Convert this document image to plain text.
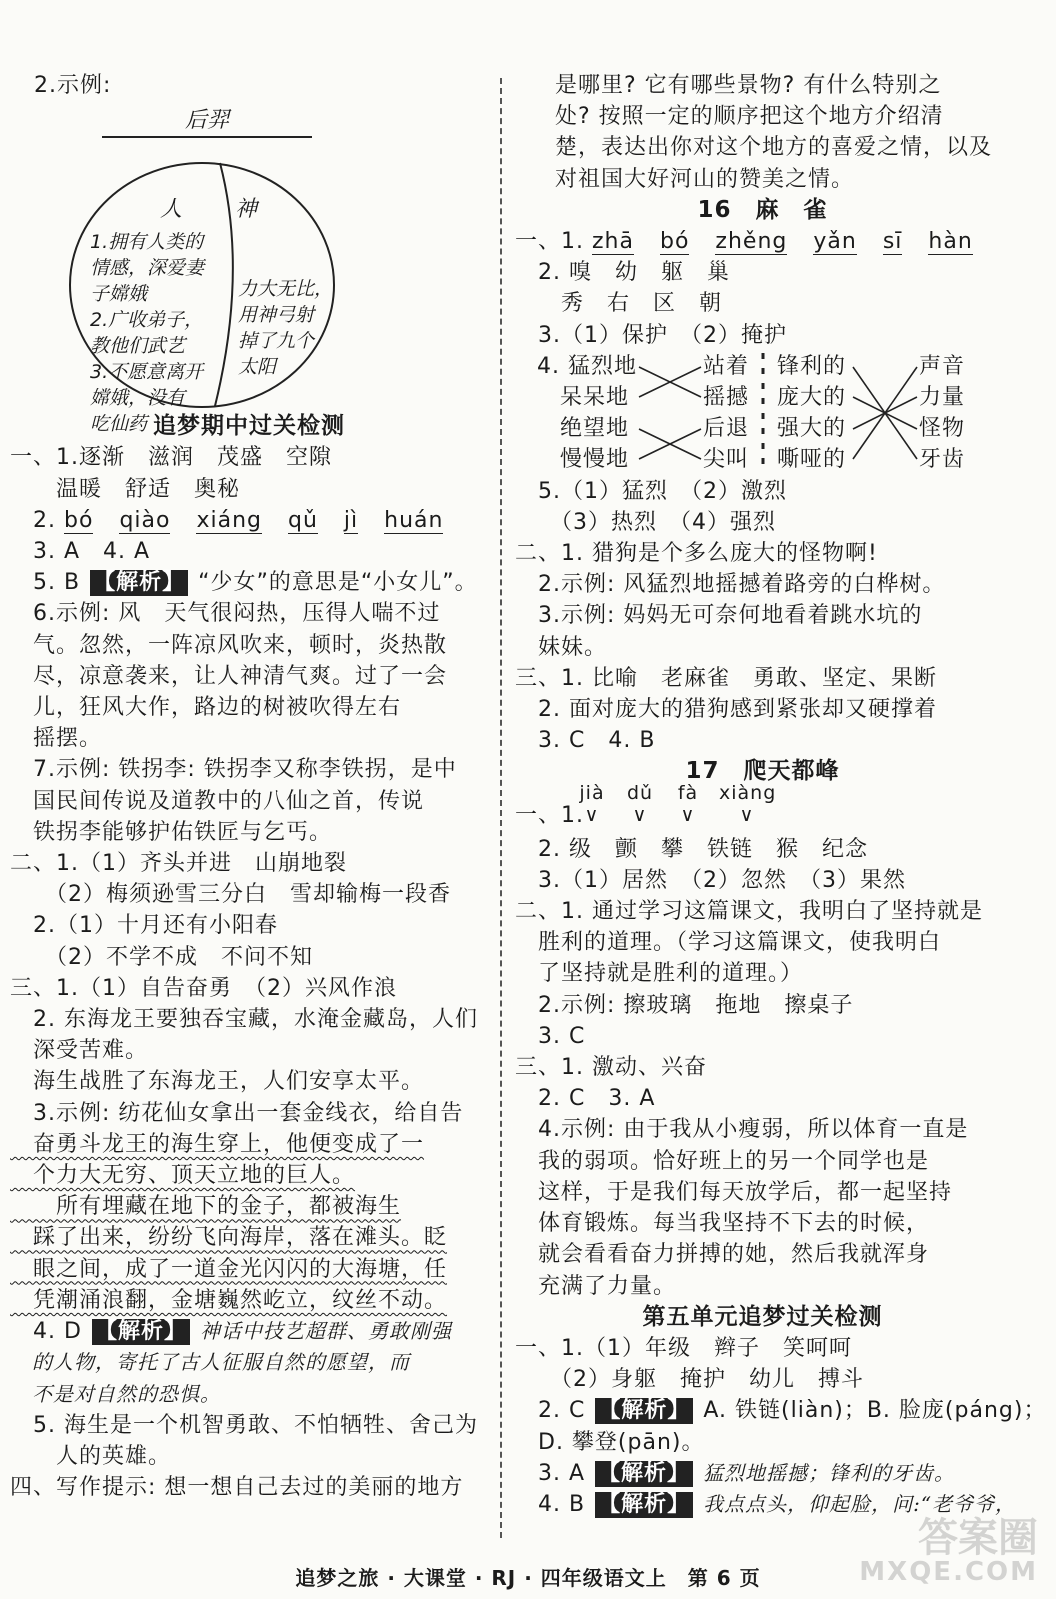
2.示例:
后羿
人 神
1.拥有人类的
情感，深爱妻
子嫦娥
2.广收弟子，
教他们武艺
3.不愿意离开
嫦娥，没有
吃仙药
力大无比，
用神弓射
掉了九个
太阳
追梦期中过关检测
一、1.逐渐　滋润　茂盛　空隙
　　温暖　舒适　奥秘
　2. bó qiào xiáng qǔ jì huán
　3. A　4. A
　5. B 【解析】 “少女”的意思是“小女儿”。
　6.示例: 风　天气很闷热，压得人喘不过
　气。忽然，一阵凉风吹来，顿时，炎热散
　尽，凉意袭来，让人神清气爽。过了一会
　儿，狂风大作，路边的树被吹得左右
　摇摆。
　7.示例: 铁拐李: 铁拐李又称李铁拐，是中
　国民间传说及道教中的八仙之首，传说
　铁拐李能够护佑铁匠与乞丐。
二、1.（1）齐头并进　山崩地裂
　　（2）梅须逊雪三分白　雪却输梅一段香
　2.（1）十月还有小阳春
　　（2）不学不成　不问不知
三、1.（1）自告奋勇　（2）兴风作浪
　2. 东海龙王要独吞宝藏，水淹金藏岛，人们
　深受苦难。
　海生战胜了东海龙王，人们安享太平。
　3.示例: 纺花仙女拿出一套金线衣，给自告
　奋勇斗龙王的海生穿上，他便变成了一
　个力大无穷、顶天立地的巨人。
　　所有埋藏在地下的金子，都被海生
　踩了出来，纷纷飞向海岸，落在滩头。眨
　眼之间，成了一道金光闪闪的大海塘，任
　凭潮涌浪翻，金塘巍然屹立，纹丝不动。
　4. D 【解析】 神话中技艺超群、勇敢刚强
的人物，寄托了古人征服自然的愿望，而
不是对自然的恐惧。
　5. 海生是一个机智勇敢、不怕牺牲、舍己为
　　人的英雄。
四、写作提示: 想一想自己去过的美丽的地方
是哪里? 它有哪些景物? 有什么特别之
处? 按照一定的顺序把这个地方介绍清
楚，表达出你对这个地方的喜爱之情，以及
对祖国大好河山的赞美之情。
16　麻　雀
一、1. zhā bó zhěng yǎn sī hàn
　2. 嗅　幼　躯　巢
　　秀　右　区　朝
　3.（1）保护　（2）掩护
4. 猛烈地
　呆呆地
　绝望地
　慢慢地
站着
摇撼
后退
尖叫
锋利的
庞大的
强大的
嘶哑的
声音
力量
怪物
牙齿
　5.（1）猛烈　（2）激烈
　　（3）热烈　（4）强烈
二、1. 猎狗是个多么庞大的怪物啊!
　2.示例: 风猛烈地摇撼着路旁的白桦树。
　3.示例: 妈妈无可奈何地看着跳水坑的
　妹妹。
三、1. 比喻　老麻雀　勇敢、坚定、果断
　2. 面对庞大的猎狗感到紧张却又硬撑着
　3. C　4. B
17　爬天都峰
一、1.
jià
∨
dǔ
∨
fà
∨
xiàng
∨
　2. 级　颤　攀　铁链　猴　纪念
　3.（1）居然　（2）忽然　（3）果然
二、1. 通过学习这篇课文，我明白了坚持就是
　胜利的道理。（学习这篇课文，使我明白
　了坚持就是胜利的道理。）
　2.示例: 擦玻璃　拖地　擦桌子
　3. C
三、1. 激动、兴奋
　2. C　3. A
　4.示例: 由于我从小瘦弱，所以体育一直是
　我的弱项。恰好班上的另一个同学也是
　这样，于是我们每天放学后，都一起坚持
　体育锻炼。每当我坚持不下去的时候，
　就会看看奋力拼搏的她，然后我就浑身
　充满了力量。
第五单元追梦过关检测
一、1.（1）年级　辫子　笑呵呵
　　（2）身躯　掩护　幼儿　搏斗
　2. C 【解析】 A. 铁链(liàn)；B. 脸庞(páng)；
　D. 攀登(pān)。
　3. A 【解析】 猛烈地摇撼；锋利的牙齿。
　4. B 【解析】 我点点头，仰起脸，问:“老爷爷，
追梦之旅 · 大课堂 · RJ · 四年级语文上　第 6 页
答案圈
MXQE.COM
